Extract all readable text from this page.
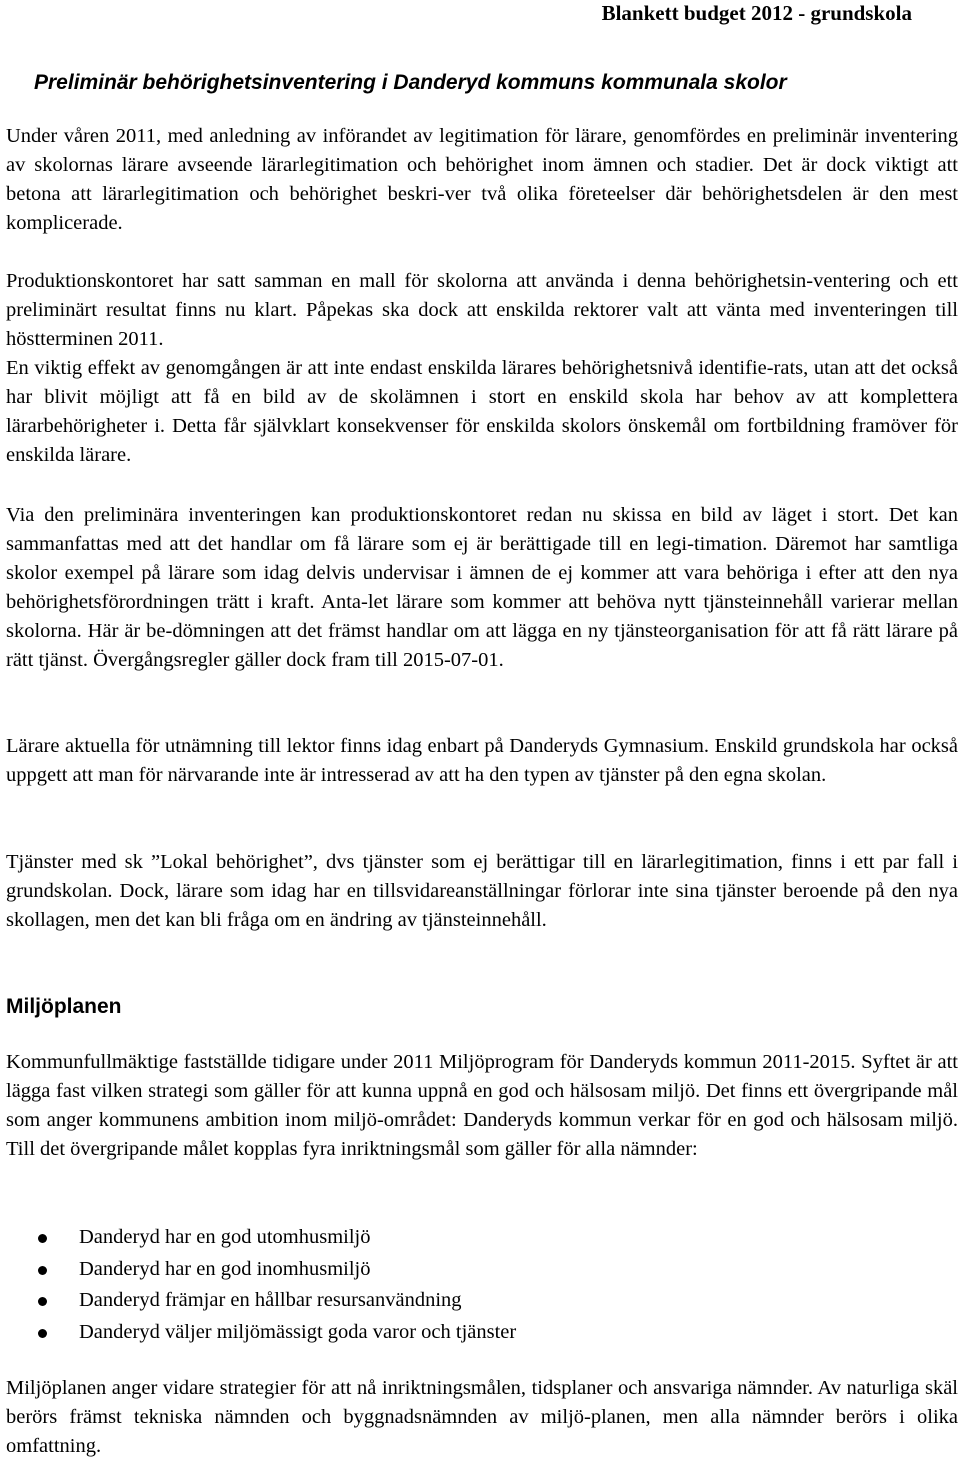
Blankett budget 2012 - grundskola
Preliminär behörighetsinventering i Danderyd kommuns kommunala skolor
Under våren 2011, med anledning av införandet av legitimation för lärare, genomfördes en preliminär inventering av skolornas lärare avseende lärarlegitimation och behörighet inom ämnen och stadier. Det är dock viktigt att betona att lärarlegitimation och behörighet beskri-ver två olika företeelser där behörighetsdelen är den mest komplicerade.
Produktionskontoret har satt samman en mall för skolorna att använda i denna behörighetsin-ventering och ett preliminärt resultat finns nu klart. Påpekas ska dock att enskilda rektorer valt att vänta med inventeringen till höstterminen 2011.
En viktig effekt av genomgången är att inte endast enskilda lärares behörighetsnivå identifie-rats, utan att det också har blivit möjligt att få en bild av de skolämnen i stort en enskild skola har behov av att komplettera lärarbehörigheter i. Detta får självklart konsekvenser för enskilda skolors önskemål om fortbildning framöver för enskilda lärare.
Via den preliminära inventeringen kan produktionskontoret redan nu skissa en bild av läget i stort. Det kan sammanfattas med att det handlar om få lärare som ej är berättigade till en legi-timation. Däremot har samtliga skolor exempel på lärare som idag delvis undervisar i ämnen de ej kommer att vara behöriga i efter att den nya behörighetsförordningen trätt i kraft. Anta-let lärare som kommer att behöva nytt tjänsteinnehåll varierar mellan skolorna. Här är be-dömningen att det främst handlar om att lägga en ny tjänsteorganisation för att få rätt lärare på rätt tjänst. Övergångsregler gäller dock fram till 2015-07-01.
Lärare aktuella för utnämning till lektor finns idag enbart på Danderyds Gymnasium. Enskild grundskola har också uppgett att man för närvarande inte är intresserad av att ha den typen av tjänster på den egna skolan.
Tjänster med sk ”Lokal behörighet”, dvs tjänster som ej berättigar till en lärarlegitimation, finns i ett par fall i grundskolan. Dock, lärare som idag har en tillsvidareanställningar förlorar inte sina tjänster beroende på den nya skollagen, men det kan bli fråga om en ändring av tjänsteinnehåll.
Miljöplanen
Kommunfullmäktige fastställde tidigare under 2011 Miljöprogram för Danderyds kommun 2011-2015. Syftet är att lägga fast vilken strategi som gäller för att kunna uppnå en god och hälsosam miljö. Det finns ett övergripande mål som anger kommunens ambition inom miljö-området: Danderyds kommun verkar för en god och hälsosam miljö. Till det övergripande målet kopplas fyra inriktningsmål som gäller för alla nämnder:
Danderyd har en god utomhusmiljö
Danderyd har en god inomhusmiljö
Danderyd främjar en hållbar resursanvändning
Danderyd väljer miljömässigt goda varor och tjänster
Miljöplanen anger vidare strategier för att nå inriktningsmålen, tidsplaner och ansvariga nämnder. Av naturliga skäl berörs främst tekniska nämnden och byggnadsnämnden av miljö-planen, men alla nämnder berörs i olika omfattning.
